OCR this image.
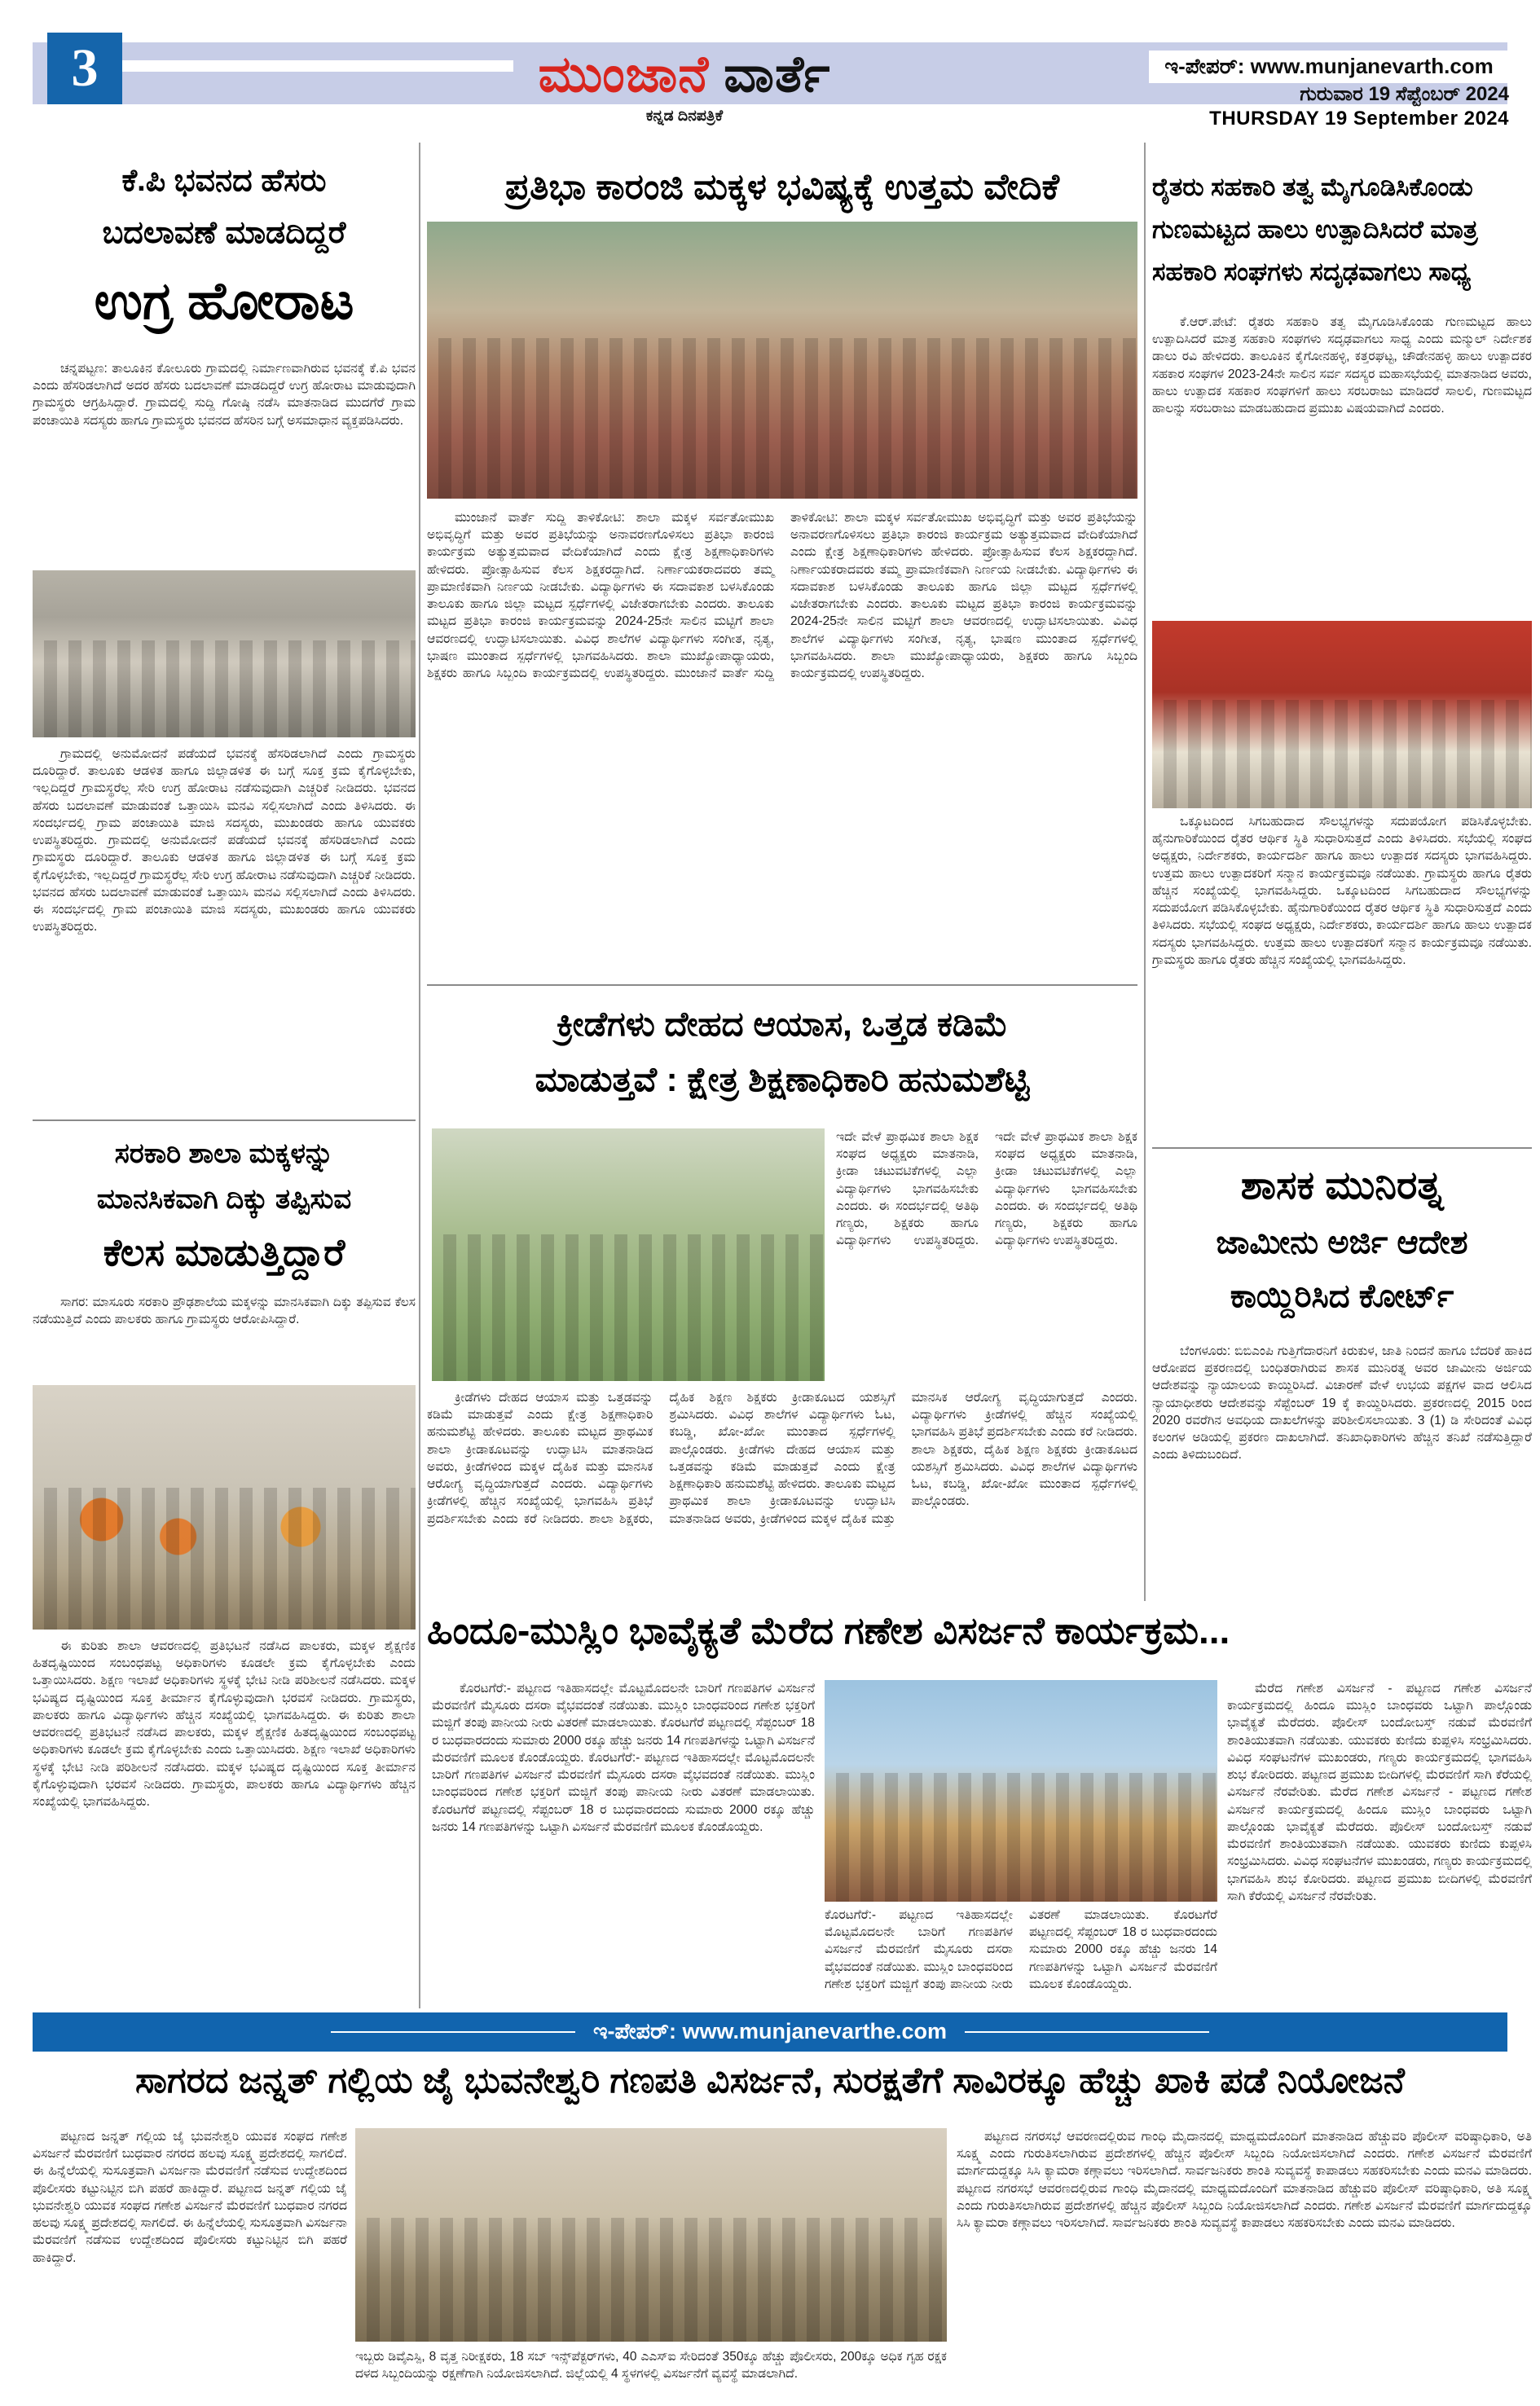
3	ಮುಂಜಾನೆ ವಾರ್ತೆ
ಕನ್ನಡ ದಿನಪತ್ರಿಕೆ
ಇ-ಪೇಪರ್: www.munjanevarth.com
ಗುರುವಾರ 19 ಸೆಪ್ಟೆಂಬರ್ 2024
THURSDAY 19 September 2024
ಕೆ.ಪಿ ಭವನದ ಹೆಸರು
ಬದಲಾವಣೆ ಮಾಡದಿದ್ದರೆ
ಉಗ್ರ ಹೋರಾಟ
ಚನ್ನಪಟ್ಟಣ: ತಾಲೂಕಿನ ಕೋಲೂರು ಗ್ರಾಮದಲ್ಲಿ ನಿರ್ಮಾಣವಾಗಿರುವ ಭವನಕ್ಕೆ ಕೆ.ಪಿ ಭವನ ಎಂದು ಹೆಸರಿಡಲಾಗಿದೆ ಅದರ ಹೆಸರು ಬದಲಾವಣೆ ಮಾಡದಿದ್ದರೆ ಉಗ್ರ ಹೋರಾಟ ಮಾಡುವುದಾಗಿ ಗ್ರಾಮಸ್ಥರು ಆಗ್ರಹಿಸಿದ್ದಾರೆ. ಗ್ರಾಮದಲ್ಲಿ ಸುದ್ದಿ ಗೋಷ್ಠಿ ನಡೆಸಿ ಮಾತನಾಡಿದ ಮುದಗೆರೆ ಗ್ರಾಮ ಪಂಚಾಯಿತಿ ಸದಸ್ಯರು ಹಾಗೂ ಗ್ರಾಮಸ್ಥರು ಭವನದ ಹೆಸರಿನ ಬಗ್ಗೆ ಅಸಮಾಧಾನ ವ್ಯಕ್ತಪಡಿಸಿದರು.
ಗ್ರಾಮದಲ್ಲಿ ಅನುಮೋದನೆ ಪಡೆಯದೆ ಭವನಕ್ಕೆ ಹೆಸರಿಡಲಾಗಿದೆ ಎಂದು ಗ್ರಾಮಸ್ಥರು ದೂರಿದ್ದಾರೆ. ತಾಲೂಕು ಆಡಳಿತ ಹಾಗೂ ಜಿಲ್ಲಾಡಳಿತ ಈ ಬಗ್ಗೆ ಸೂಕ್ತ ಕ್ರಮ ಕೈಗೊಳ್ಳಬೇಕು, ಇಲ್ಲದಿದ್ದರೆ ಗ್ರಾಮಸ್ಥರೆಲ್ಲ ಸೇರಿ ಉಗ್ರ ಹೋರಾಟ ನಡೆಸುವುದಾಗಿ ಎಚ್ಚರಿಕೆ ನೀಡಿದರು. ಭವನದ ಹೆಸರು ಬದಲಾವಣೆ ಮಾಡುವಂತೆ ಒತ್ತಾಯಿಸಿ ಮನವಿ ಸಲ್ಲಿಸಲಾಗಿದೆ ಎಂದು ತಿಳಿಸಿದರು. ಈ ಸಂದರ್ಭದಲ್ಲಿ ಗ್ರಾಮ ಪಂಚಾಯಿತಿ ಮಾಜಿ ಸದಸ್ಯರು, ಮುಖಂಡರು ಹಾಗೂ ಯುವಕರು ಉಪಸ್ಥಿತರಿದ್ದರು. ಗ್ರಾಮದಲ್ಲಿ ಅನುಮೋದನೆ ಪಡೆಯದೆ ಭವನಕ್ಕೆ ಹೆಸರಿಡಲಾಗಿದೆ ಎಂದು ಗ್ರಾಮಸ್ಥರು ದೂರಿದ್ದಾರೆ. ತಾಲೂಕು ಆಡಳಿತ ಹಾಗೂ ಜಿಲ್ಲಾಡಳಿತ ಈ ಬಗ್ಗೆ ಸೂಕ್ತ ಕ್ರಮ ಕೈಗೊಳ್ಳಬೇಕು, ಇಲ್ಲದಿದ್ದರೆ ಗ್ರಾಮಸ್ಥರೆಲ್ಲ ಸೇರಿ ಉಗ್ರ ಹೋರಾಟ ನಡೆಸುವುದಾಗಿ ಎಚ್ಚರಿಕೆ ನೀಡಿದರು. ಭವನದ ಹೆಸರು ಬದಲಾವಣೆ ಮಾಡುವಂತೆ ಒತ್ತಾಯಿಸಿ ಮನವಿ ಸಲ್ಲಿಸಲಾಗಿದೆ ಎಂದು ತಿಳಿಸಿದರು. ಈ ಸಂದರ್ಭದಲ್ಲಿ ಗ್ರಾಮ ಪಂಚಾಯಿತಿ ಮಾಜಿ ಸದಸ್ಯರು, ಮುಖಂಡರು ಹಾಗೂ ಯುವಕರು ಉಪಸ್ಥಿತರಿದ್ದರು.
ಸರಕಾರಿ ಶಾಲಾ ಮಕ್ಕಳನ್ನು
ಮಾನಸಿಕವಾಗಿ ದಿಕ್ಕು ತಪ್ಪಿಸುವ
ಕೆಲಸ ಮಾಡುತ್ತಿದ್ದಾರೆ
ಸಾಗರ: ಮಾಸೂರು ಸರಕಾರಿ ಪ್ರೌಢಶಾಲೆಯ ಮಕ್ಕಳನ್ನು ಮಾನಸಿಕವಾಗಿ ದಿಕ್ಕು ತಪ್ಪಿಸುವ ಕೆಲಸ ನಡೆಯುತ್ತಿದೆ ಎಂದು ಪಾಲಕರು ಹಾಗೂ ಗ್ರಾಮಸ್ಥರು ಆರೋಪಿಸಿದ್ದಾರೆ.
ಈ ಕುರಿತು ಶಾಲಾ ಆವರಣದಲ್ಲಿ ಪ್ರತಿಭಟನೆ ನಡೆಸಿದ ಪಾಲಕರು, ಮಕ್ಕಳ ಶೈಕ್ಷಣಿಕ ಹಿತದೃಷ್ಟಿಯಿಂದ ಸಂಬಂಧಪಟ್ಟ ಅಧಿಕಾರಿಗಳು ಕೂಡಲೇ ಕ್ರಮ ಕೈಗೊಳ್ಳಬೇಕು ಎಂದು ಒತ್ತಾಯಿಸಿದರು. ಶಿಕ್ಷಣ ಇಲಾಖೆ ಅಧಿಕಾರಿಗಳು ಸ್ಥಳಕ್ಕೆ ಭೇಟಿ ನೀಡಿ ಪರಿಶೀಲನೆ ನಡೆಸಿದರು. ಮಕ್ಕಳ ಭವಿಷ್ಯದ ದೃಷ್ಟಿಯಿಂದ ಸೂಕ್ತ ತೀರ್ಮಾನ ಕೈಗೊಳ್ಳುವುದಾಗಿ ಭರವಸೆ ನೀಡಿದರು. ಗ್ರಾಮಸ್ಥರು, ಪಾಲಕರು ಹಾಗೂ ವಿದ್ಯಾರ್ಥಿಗಳು ಹೆಚ್ಚಿನ ಸಂಖ್ಯೆಯಲ್ಲಿ ಭಾಗವಹಿಸಿದ್ದರು. ಈ ಕುರಿತು ಶಾಲಾ ಆವರಣದಲ್ಲಿ ಪ್ರತಿಭಟನೆ ನಡೆಸಿದ ಪಾಲಕರು, ಮಕ್ಕಳ ಶೈಕ್ಷಣಿಕ ಹಿತದೃಷ್ಟಿಯಿಂದ ಸಂಬಂಧಪಟ್ಟ ಅಧಿಕಾರಿಗಳು ಕೂಡಲೇ ಕ್ರಮ ಕೈಗೊಳ್ಳಬೇಕು ಎಂದು ಒತ್ತಾಯಿಸಿದರು. ಶಿಕ್ಷಣ ಇಲಾಖೆ ಅಧಿಕಾರಿಗಳು ಸ್ಥಳಕ್ಕೆ ಭೇಟಿ ನೀಡಿ ಪರಿಶೀಲನೆ ನಡೆಸಿದರು. ಮಕ್ಕಳ ಭವಿಷ್ಯದ ದೃಷ್ಟಿಯಿಂದ ಸೂಕ್ತ ತೀರ್ಮಾನ ಕೈಗೊಳ್ಳುವುದಾಗಿ ಭರವಸೆ ನೀಡಿದರು. ಗ್ರಾಮಸ್ಥರು, ಪಾಲಕರು ಹಾಗೂ ವಿದ್ಯಾರ್ಥಿಗಳು ಹೆಚ್ಚಿನ ಸಂಖ್ಯೆಯಲ್ಲಿ ಭಾಗವಹಿಸಿದ್ದರು.
ಪ್ರತಿಭಾ ಕಾರಂಜಿ ಮಕ್ಕಳ ಭವಿಷ್ಯಕ್ಕೆ ಉತ್ತಮ ವೇದಿಕೆ
ಮುಂಜಾನೆ ವಾರ್ತೆ ಸುದ್ದಿ ತಾಳಿಕೋಟಿ: ಶಾಲಾ ಮಕ್ಕಳ ಸರ್ವತೋಮುಖ ಅಭಿವೃದ್ಧಿಗೆ ಮತ್ತು ಅವರ ಪ್ರತಿಭೆಯನ್ನು ಅನಾವರಣಗೊಳಿಸಲು ಪ್ರತಿಭಾ ಕಾರಂಜಿ ಕಾರ್ಯಕ್ರಮ ಅತ್ಯುತ್ತಮವಾದ ವೇದಿಕೆಯಾಗಿದೆ ಎಂದು ಕ್ಷೇತ್ರ ಶಿಕ್ಷಣಾಧಿಕಾರಿಗಳು ಹೇಳಿದರು. ಪ್ರೋತ್ಸಾಹಿಸುವ ಕೆಲಸ ಶಿಕ್ಷಕರದ್ದಾಗಿದೆ. ನಿರ್ಣಾಯಕರಾದವರು ತಮ್ಮ ಪ್ರಾಮಾಣಿಕವಾಗಿ ನಿರ್ಣಯ ನೀಡಬೇಕು. ವಿದ್ಯಾರ್ಥಿಗಳು ಈ ಸದಾವಕಾಶ ಬಳಸಿಕೊಂಡು ತಾಲೂಕು ಹಾಗೂ ಜಿಲ್ಲಾ ಮಟ್ಟದ ಸ್ಪರ್ಧೆಗಳಲ್ಲಿ ವಿಜೇತರಾಗಬೇಕು ಎಂದರು. ತಾಲೂಕು ಮಟ್ಟದ ಪ್ರತಿಭಾ ಕಾರಂಜಿ ಕಾರ್ಯಕ್ರಮವನ್ನು 2024-25ನೇ ಸಾಲಿನ ಮಟ್ಟಿಗೆ ಶಾಲಾ ಆವರಣದಲ್ಲಿ ಉದ್ಘಾಟಿಸಲಾಯಿತು. ವಿವಿಧ ಶಾಲೆಗಳ ವಿದ್ಯಾರ್ಥಿಗಳು ಸಂಗೀತ, ನೃತ್ಯ, ಭಾಷಣ ಮುಂತಾದ ಸ್ಪರ್ಧೆಗಳಲ್ಲಿ ಭಾಗವಹಿಸಿದರು. ಶಾಲಾ ಮುಖ್ಯೋಪಾಧ್ಯಾಯರು, ಶಿಕ್ಷಕರು ಹಾಗೂ ಸಿಬ್ಬಂದಿ ಕಾರ್ಯಕ್ರಮದಲ್ಲಿ ಉಪಸ್ಥಿತರಿದ್ದರು. ಮುಂಜಾನೆ ವಾರ್ತೆ ಸುದ್ದಿ ತಾಳಿಕೋಟಿ: ಶಾಲಾ ಮಕ್ಕಳ ಸರ್ವತೋಮುಖ ಅಭಿವೃದ್ಧಿಗೆ ಮತ್ತು ಅವರ ಪ್ರತಿಭೆಯನ್ನು ಅನಾವರಣಗೊಳಿಸಲು ಪ್ರತಿಭಾ ಕಾರಂಜಿ ಕಾರ್ಯಕ್ರಮ ಅತ್ಯುತ್ತಮವಾದ ವೇದಿಕೆಯಾಗಿದೆ ಎಂದು ಕ್ಷೇತ್ರ ಶಿಕ್ಷಣಾಧಿಕಾರಿಗಳು ಹೇಳಿದರು. ಪ್ರೋತ್ಸಾಹಿಸುವ ಕೆಲಸ ಶಿಕ್ಷಕರದ್ದಾಗಿದೆ. ನಿರ್ಣಾಯಕರಾದವರು ತಮ್ಮ ಪ್ರಾಮಾಣಿಕವಾಗಿ ನಿರ್ಣಯ ನೀಡಬೇಕು. ವಿದ್ಯಾರ್ಥಿಗಳು ಈ ಸದಾವಕಾಶ ಬಳಸಿಕೊಂಡು ತಾಲೂಕು ಹಾಗೂ ಜಿಲ್ಲಾ ಮಟ್ಟದ ಸ್ಪರ್ಧೆಗಳಲ್ಲಿ ವಿಜೇತರಾಗಬೇಕು ಎಂದರು. ತಾಲೂಕು ಮಟ್ಟದ ಪ್ರತಿಭಾ ಕಾರಂಜಿ ಕಾರ್ಯಕ್ರಮವನ್ನು 2024-25ನೇ ಸಾಲಿನ ಮಟ್ಟಿಗೆ ಶಾಲಾ ಆವರಣದಲ್ಲಿ ಉದ್ಘಾಟಿಸಲಾಯಿತು. ವಿವಿಧ ಶಾಲೆಗಳ ವಿದ್ಯಾರ್ಥಿಗಳು ಸಂಗೀತ, ನೃತ್ಯ, ಭಾಷಣ ಮುಂತಾದ ಸ್ಪರ್ಧೆಗಳಲ್ಲಿ ಭಾಗವಹಿಸಿದರು. ಶಾಲಾ ಮುಖ್ಯೋಪಾಧ್ಯಾಯರು, ಶಿಕ್ಷಕರು ಹಾಗೂ ಸಿಬ್ಬಂದಿ ಕಾರ್ಯಕ್ರಮದಲ್ಲಿ ಉಪಸ್ಥಿತರಿದ್ದರು.
ಕ್ರೀಡೆಗಳು ದೇಹದ ಆಯಾಸ, ಒತ್ತಡ ಕಡಿಮೆ
ಮಾಡುತ್ತವೆ : ಕ್ಷೇತ್ರ ಶಿಕ್ಷಣಾಧಿಕಾರಿ ಹನುಮಶೆಟ್ಟಿ
ಇದೇ ವೇಳೆ ಪ್ರಾಥಮಿಕ ಶಾಲಾ ಶಿಕ್ಷಕ ಸಂಘದ ಅಧ್ಯಕ್ಷರು ಮಾತನಾಡಿ, ಕ್ರೀಡಾ ಚಟುವಟಿಕೆಗಳಲ್ಲಿ ಎಲ್ಲಾ ವಿದ್ಯಾರ್ಥಿಗಳು ಭಾಗವಹಿಸಬೇಕು ಎಂದರು. ಈ ಸಂದರ್ಭದಲ್ಲಿ ಅತಿಥಿ ಗಣ್ಯರು, ಶಿಕ್ಷಕರು ಹಾಗೂ ವಿದ್ಯಾರ್ಥಿಗಳು ಉಪಸ್ಥಿತರಿದ್ದರು. ಇದೇ ವೇಳೆ ಪ್ರಾಥಮಿಕ ಶಾಲಾ ಶಿಕ್ಷಕ ಸಂಘದ ಅಧ್ಯಕ್ಷರು ಮಾತನಾಡಿ, ಕ್ರೀಡಾ ಚಟುವಟಿಕೆಗಳಲ್ಲಿ ಎಲ್ಲಾ ವಿದ್ಯಾರ್ಥಿಗಳು ಭಾಗವಹಿಸಬೇಕು ಎಂದರು. ಈ ಸಂದರ್ಭದಲ್ಲಿ ಅತಿಥಿ ಗಣ್ಯರು, ಶಿಕ್ಷಕರು ಹಾಗೂ ವಿದ್ಯಾರ್ಥಿಗಳು ಉಪಸ್ಥಿತರಿದ್ದರು.
ಕ್ರೀಡೆಗಳು ದೇಹದ ಆಯಾಸ ಮತ್ತು ಒತ್ತಡವನ್ನು ಕಡಿಮೆ ಮಾಡುತ್ತವೆ ಎಂದು ಕ್ಷೇತ್ರ ಶಿಕ್ಷಣಾಧಿಕಾರಿ ಹನುಮಶೆಟ್ಟಿ ಹೇಳಿದರು. ತಾಲೂಕು ಮಟ್ಟದ ಪ್ರಾಥಮಿಕ ಶಾಲಾ ಕ್ರೀಡಾಕೂಟವನ್ನು ಉದ್ಘಾಟಿಸಿ ಮಾತನಾಡಿದ ಅವರು, ಕ್ರೀಡೆಗಳಿಂದ ಮಕ್ಕಳ ದೈಹಿಕ ಮತ್ತು ಮಾನಸಿಕ ಆರೋಗ್ಯ ವೃದ್ಧಿಯಾಗುತ್ತದೆ ಎಂದರು. ವಿದ್ಯಾರ್ಥಿಗಳು ಕ್ರೀಡೆಗಳಲ್ಲಿ ಹೆಚ್ಚಿನ ಸಂಖ್ಯೆಯಲ್ಲಿ ಭಾಗವಹಿಸಿ ಪ್ರತಿಭೆ ಪ್ರದರ್ಶಿಸಬೇಕು ಎಂದು ಕರೆ ನೀಡಿದರು. ಶಾಲಾ ಶಿಕ್ಷಕರು, ದೈಹಿಕ ಶಿಕ್ಷಣ ಶಿಕ್ಷಕರು ಕ್ರೀಡಾಕೂಟದ ಯಶಸ್ಸಿಗೆ ಶ್ರಮಿಸಿದರು. ವಿವಿಧ ಶಾಲೆಗಳ ವಿದ್ಯಾರ್ಥಿಗಳು ಓಟ, ಕಬಡ್ಡಿ, ಖೋ-ಖೋ ಮುಂತಾದ ಸ್ಪರ್ಧೆಗಳಲ್ಲಿ ಪಾಲ್ಗೊಂಡರು. ಕ್ರೀಡೆಗಳು ದೇಹದ ಆಯಾಸ ಮತ್ತು ಒತ್ತಡವನ್ನು ಕಡಿಮೆ ಮಾಡುತ್ತವೆ ಎಂದು ಕ್ಷೇತ್ರ ಶಿಕ್ಷಣಾಧಿಕಾರಿ ಹನುಮಶೆಟ್ಟಿ ಹೇಳಿದರು. ತಾಲೂಕು ಮಟ್ಟದ ಪ್ರಾಥಮಿಕ ಶಾಲಾ ಕ್ರೀಡಾಕೂಟವನ್ನು ಉದ್ಘಾಟಿಸಿ ಮಾತನಾಡಿದ ಅವರು, ಕ್ರೀಡೆಗಳಿಂದ ಮಕ್ಕಳ ದೈಹಿಕ ಮತ್ತು ಮಾನಸಿಕ ಆರೋಗ್ಯ ವೃದ್ಧಿಯಾಗುತ್ತದೆ ಎಂದರು. ವಿದ್ಯಾರ್ಥಿಗಳು ಕ್ರೀಡೆಗಳಲ್ಲಿ ಹೆಚ್ಚಿನ ಸಂಖ್ಯೆಯಲ್ಲಿ ಭಾಗವಹಿಸಿ ಪ್ರತಿಭೆ ಪ್ರದರ್ಶಿಸಬೇಕು ಎಂದು ಕರೆ ನೀಡಿದರು. ಶಾಲಾ ಶಿಕ್ಷಕರು, ದೈಹಿಕ ಶಿಕ್ಷಣ ಶಿಕ್ಷಕರು ಕ್ರೀಡಾಕೂಟದ ಯಶಸ್ಸಿಗೆ ಶ್ರಮಿಸಿದರು. ವಿವಿಧ ಶಾಲೆಗಳ ವಿದ್ಯಾರ್ಥಿಗಳು ಓಟ, ಕಬಡ್ಡಿ, ಖೋ-ಖೋ ಮುಂತಾದ ಸ್ಪರ್ಧೆಗಳಲ್ಲಿ ಪಾಲ್ಗೊಂಡರು.
ಹಿಂದೂ-ಮುಸ್ಲಿಂ ಭಾವೈಕ್ಯತೆ ಮೆರೆದ ಗಣೇಶ ವಿಸರ್ಜನೆ ಕಾರ್ಯಕ್ರಮ...
ಕೊರಟಗೆರೆ:- ಪಟ್ಟಣದ ಇತಿಹಾಸದಲ್ಲೇ ಮೊಟ್ಟಮೊದಲನೇ ಬಾರಿಗೆ ಗಣಪತಿಗಳ ವಿಸರ್ಜನೆ ಮೆರವಣಿಗೆ ಮೈಸೂರು ದಸರಾ ವೈಭವದಂತೆ ನಡೆಯಿತು. ಮುಸ್ಲಿಂ ಬಾಂಧವರಿಂದ ಗಣೇಶ ಭಕ್ತರಿಗೆ ಮಜ್ಜಿಗೆ ತಂಪು ಪಾನೀಯ ನೀರು ವಿತರಣೆ ಮಾಡಲಾಯಿತು. ಕೊರಟಗೆರೆ ಪಟ್ಟಣದಲ್ಲಿ ಸೆಪ್ಟಂಬರ್ 18 ರ ಬುಧವಾರದಂದು ಸುಮಾರು 2000 ರಕ್ಕೂ ಹೆಚ್ಚು ಜನರು 14 ಗಣಪತಿಗಳನ್ನು ಒಟ್ಟಾಗಿ ವಿಸರ್ಜನೆ ಮೆರವಣಿಗೆ ಮೂಲಕ ಕೊಂಡೊಯ್ದರು. ಕೊರಟಗೆರೆ:- ಪಟ್ಟಣದ ಇತಿಹಾಸದಲ್ಲೇ ಮೊಟ್ಟಮೊದಲನೇ ಬಾರಿಗೆ ಗಣಪತಿಗಳ ವಿಸರ್ಜನೆ ಮೆರವಣಿಗೆ ಮೈಸೂರು ದಸರಾ ವೈಭವದಂತೆ ನಡೆಯಿತು. ಮುಸ್ಲಿಂ ಬಾಂಧವರಿಂದ ಗಣೇಶ ಭಕ್ತರಿಗೆ ಮಜ್ಜಿಗೆ ತಂಪು ಪಾನೀಯ ನೀರು ವಿತರಣೆ ಮಾಡಲಾಯಿತು. ಕೊರಟಗೆರೆ ಪಟ್ಟಣದಲ್ಲಿ ಸೆಪ್ಟಂಬರ್ 18 ರ ಬುಧವಾರದಂದು ಸುಮಾರು 2000 ರಕ್ಕೂ ಹೆಚ್ಚು ಜನರು 14 ಗಣಪತಿಗಳನ್ನು ಒಟ್ಟಾಗಿ ವಿಸರ್ಜನೆ ಮೆರವಣಿಗೆ ಮೂಲಕ ಕೊಂಡೊಯ್ದರು.
ಕೊರಟಗೆರೆ:- ಪಟ್ಟಣದ ಇತಿಹಾಸದಲ್ಲೇ ಮೊಟ್ಟಮೊದಲನೇ ಬಾರಿಗೆ ಗಣಪತಿಗಳ ವಿಸರ್ಜನೆ ಮೆರವಣಿಗೆ ಮೈಸೂರು ದಸರಾ ವೈಭವದಂತೆ ನಡೆಯಿತು. ಮುಸ್ಲಿಂ ಬಾಂಧವರಿಂದ ಗಣೇಶ ಭಕ್ತರಿಗೆ ಮಜ್ಜಿಗೆ ತಂಪು ಪಾನೀಯ ನೀರು ವಿತರಣೆ ಮಾಡಲಾಯಿತು. ಕೊರಟಗೆರೆ ಪಟ್ಟಣದಲ್ಲಿ ಸೆಪ್ಟಂಬರ್ 18 ರ ಬುಧವಾರದಂದು ಸುಮಾರು 2000 ರಕ್ಕೂ ಹೆಚ್ಚು ಜನರು 14 ಗಣಪತಿಗಳನ್ನು ಒಟ್ಟಾಗಿ ವಿಸರ್ಜನೆ ಮೆರವಣಿಗೆ ಮೂಲಕ ಕೊಂಡೊಯ್ದರು.
ಮೆರೆದ ಗಣೇಶ ವಿಸರ್ಜನೆ - ಪಟ್ಟಣದ ಗಣೇಶ ವಿಸರ್ಜನೆ ಕಾರ್ಯಕ್ರಮದಲ್ಲಿ ಹಿಂದೂ ಮುಸ್ಲಿಂ ಬಾಂಧವರು ಒಟ್ಟಾಗಿ ಪಾಲ್ಗೊಂಡು ಭಾವೈಕ್ಯತೆ ಮೆರೆದರು. ಪೊಲೀಸ್ ಬಂದೋಬಸ್ತ್ ನಡುವೆ ಮೆರವಣಿಗೆ ಶಾಂತಿಯುತವಾಗಿ ನಡೆಯಿತು. ಯುವಕರು ಕುಣಿದು ಕುಪ್ಪಳಿಸಿ ಸಂಭ್ರಮಿಸಿದರು. ವಿವಿಧ ಸಂಘಟನೆಗಳ ಮುಖಂಡರು, ಗಣ್ಯರು ಕಾರ್ಯಕ್ರಮದಲ್ಲಿ ಭಾಗವಹಿಸಿ ಶುಭ ಕೋರಿದರು. ಪಟ್ಟಣದ ಪ್ರಮುಖ ಬೀದಿಗಳಲ್ಲಿ ಮೆರವಣಿಗೆ ಸಾಗಿ ಕೆರೆಯಲ್ಲಿ ವಿಸರ್ಜನೆ ನೆರವೇರಿತು. ಮೆರೆದ ಗಣೇಶ ವಿಸರ್ಜನೆ - ಪಟ್ಟಣದ ಗಣೇಶ ವಿಸರ್ಜನೆ ಕಾರ್ಯಕ್ರಮದಲ್ಲಿ ಹಿಂದೂ ಮುಸ್ಲಿಂ ಬಾಂಧವರು ಒಟ್ಟಾಗಿ ಪಾಲ್ಗೊಂಡು ಭಾವೈಕ್ಯತೆ ಮೆರೆದರು. ಪೊಲೀಸ್ ಬಂದೋಬಸ್ತ್ ನಡುವೆ ಮೆರವಣಿಗೆ ಶಾಂತಿಯುತವಾಗಿ ನಡೆಯಿತು. ಯುವಕರು ಕುಣಿದು ಕುಪ್ಪಳಿಸಿ ಸಂಭ್ರಮಿಸಿದರು. ವಿವಿಧ ಸಂಘಟನೆಗಳ ಮುಖಂಡರು, ಗಣ್ಯರು ಕಾರ್ಯಕ್ರಮದಲ್ಲಿ ಭಾಗವಹಿಸಿ ಶುಭ ಕೋರಿದರು. ಪಟ್ಟಣದ ಪ್ರಮುಖ ಬೀದಿಗಳಲ್ಲಿ ಮೆರವಣಿಗೆ ಸಾಗಿ ಕೆರೆಯಲ್ಲಿ ವಿಸರ್ಜನೆ ನೆರವೇರಿತು.
ರೈತರು ಸಹಕಾರಿ ತತ್ವ ಮೈಗೂಡಿಸಿಕೊಂಡು
ಗುಣಮಟ್ಟದ ಹಾಲು ಉತ್ಪಾದಿಸಿದರೆ ಮಾತ್ರ
ಸಹಕಾರಿ ಸಂಘಗಳು ಸದೃಢವಾಗಲು ಸಾಧ್ಯ
ಕೆ.ಆರ್.ಪೇಟೆ: ರೈತರು ಸಹಕಾರಿ ತತ್ವ ಮೈಗೂಡಿಸಿಕೊಂಡು ಗುಣಮಟ್ಟದ ಹಾಲು ಉತ್ಪಾದಿಸಿದರೆ ಮಾತ್ರ ಸಹಕಾರಿ ಸಂಘಗಳು ಸದೃಢವಾಗಲು ಸಾಧ್ಯ ಎಂದು ಮನ್ಮುಲ್ ನಿರ್ದೇಶಕ ಡಾಲು ರವಿ ಹೇಳಿದರು. ತಾಲೂಕಿನ ಕೈಗೋನಹಳ್ಳಿ, ಕತ್ತರಘಟ್ಟ, ಚೌಡೇನಹಳ್ಳಿ ಹಾಲು ಉತ್ಪಾದಕರ ಸಹಕಾರ ಸಂಘಗಳ 2023-24ನೇ ಸಾಲಿನ ಸರ್ವ ಸದಸ್ಯರ ಮಹಾಸಭೆಯಲ್ಲಿ ಮಾತನಾಡಿದ ಅವರು, ಹಾಲು ಉತ್ಪಾದಕ ಸಹಕಾರ ಸಂಘಗಳಿಗೆ ಹಾಲು ಸರಬರಾಜು ಮಾಡಿದರೆ ಸಾಲಲಿ, ಗುಣಮಟ್ಟದ ಹಾಲನ್ನು ಸರಬರಾಜು ಮಾಡಬಹುದಾದ ಪ್ರಮುಖ ವಿಷಯವಾಗಿದೆ ಎಂದರು.
ಒಕ್ಕೂಟದಿಂದ ಸಿಗಬಹುದಾದ ಸೌಲಭ್ಯಗಳನ್ನು ಸದುಪಯೋಗ ಪಡಿಸಿಕೊಳ್ಳಬೇಕು. ಹೈನುಗಾರಿಕೆಯಿಂದ ರೈತರ ಆರ್ಥಿಕ ಸ್ಥಿತಿ ಸುಧಾರಿಸುತ್ತದೆ ಎಂದು ತಿಳಿಸಿದರು. ಸಭೆಯಲ್ಲಿ ಸಂಘದ ಅಧ್ಯಕ್ಷರು, ನಿರ್ದೇಶಕರು, ಕಾರ್ಯದರ್ಶಿ ಹಾಗೂ ಹಾಲು ಉತ್ಪಾದಕ ಸದಸ್ಯರು ಭಾಗವಹಿಸಿದ್ದರು. ಉತ್ತಮ ಹಾಲು ಉತ್ಪಾದಕರಿಗೆ ಸನ್ಮಾನ ಕಾರ್ಯಕ್ರಮವೂ ನಡೆಯಿತು. ಗ್ರಾಮಸ್ಥರು ಹಾಗೂ ರೈತರು ಹೆಚ್ಚಿನ ಸಂಖ್ಯೆಯಲ್ಲಿ ಭಾಗವಹಿಸಿದ್ದರು. ಒಕ್ಕೂಟದಿಂದ ಸಿಗಬಹುದಾದ ಸೌಲಭ್ಯಗಳನ್ನು ಸದುಪಯೋಗ ಪಡಿಸಿಕೊಳ್ಳಬೇಕು. ಹೈನುಗಾರಿಕೆಯಿಂದ ರೈತರ ಆರ್ಥಿಕ ಸ್ಥಿತಿ ಸುಧಾರಿಸುತ್ತದೆ ಎಂದು ತಿಳಿಸಿದರು. ಸಭೆಯಲ್ಲಿ ಸಂಘದ ಅಧ್ಯಕ್ಷರು, ನಿರ್ದೇಶಕರು, ಕಾರ್ಯದರ್ಶಿ ಹಾಗೂ ಹಾಲು ಉತ್ಪಾದಕ ಸದಸ್ಯರು ಭಾಗವಹಿಸಿದ್ದರು. ಉತ್ತಮ ಹಾಲು ಉತ್ಪಾದಕರಿಗೆ ಸನ್ಮಾನ ಕಾರ್ಯಕ್ರಮವೂ ನಡೆಯಿತು. ಗ್ರಾಮಸ್ಥರು ಹಾಗೂ ರೈತರು ಹೆಚ್ಚಿನ ಸಂಖ್ಯೆಯಲ್ಲಿ ಭಾಗವಹಿಸಿದ್ದರು.
ಶಾಸಕ ಮುನಿರತ್ನ
ಜಾಮೀನು ಅರ್ಜಿ ಆದೇಶ
ಕಾಯ್ದಿರಿಸಿದ ಕೋರ್ಟ್
ಬೆಂಗಳೂರು: ಬಿಬಿಎಂಪಿ ಗುತ್ತಿಗೆದಾರನಿಗೆ ಕಿರುಕುಳ, ಜಾತಿ ನಿಂದನೆ ಹಾಗೂ ಬೆದರಿಕೆ ಹಾಕಿದ ಆರೋಪದ ಪ್ರಕರಣದಲ್ಲಿ ಬಂಧಿತರಾಗಿರುವ ಶಾಸಕ ಮುನಿರತ್ನ ಅವರ ಜಾಮೀನು ಅರ್ಜಿಯ ಆದೇಶವನ್ನು ನ್ಯಾಯಾಲಯ ಕಾಯ್ದಿರಿಸಿದೆ. ವಿಚಾರಣೆ ವೇಳೆ ಉಭಯ ಪಕ್ಷಗಳ ವಾದ ಆಲಿಸಿದ ನ್ಯಾಯಾಧೀಶರು ಆದೇಶವನ್ನು ಸೆಪ್ಟೆಂಬರ್ 19 ಕ್ಕೆ ಕಾಯ್ದಿರಿಸಿದರು. ಪ್ರಕರಣದಲ್ಲಿ 2015 ರಿಂದ 2020 ರವರೆಗಿನ ಅವಧಿಯ ದಾಖಲೆಗಳನ್ನು ಪರಿಶೀಲಿಸಲಾಯಿತು. 3 (1) ಡಿ ಸೇರಿದಂತೆ ವಿವಿಧ ಕಲಂಗಳ ಅಡಿಯಲ್ಲಿ ಪ್ರಕರಣ ದಾಖಲಾಗಿದೆ. ತನಿಖಾಧಿಕಾರಿಗಳು ಹೆಚ್ಚಿನ ತನಿಖೆ ನಡೆಸುತ್ತಿದ್ದಾರೆ ಎಂದು ತಿಳಿದುಬಂದಿದೆ.
ಇ-ಪೇಪರ್: www.munjanevarthe.com
ಸಾಗರದ ಜನ್ನತ್ ಗಲ್ಲಿಯ ಜೈ ಭುವನೇಶ್ವರಿ ಗಣಪತಿ ವಿಸರ್ಜನೆ, ಸುರಕ್ಷತೆಗೆ ಸಾವಿರಕ್ಕೂ ಹೆಚ್ಚು ಖಾಕಿ ಪಡೆ ನಿಯೋಜನೆ
ಪಟ್ಟಣದ ಜನ್ನತ್ ಗಲ್ಲಿಯ ಜೈ ಭುವನೇಶ್ವರಿ ಯುವಕ ಸಂಘದ ಗಣೇಶ ವಿಸರ್ಜನೆ ಮೆರವಣಿಗೆ ಬುಧವಾರ ನಗರದ ಹಲವು ಸೂಕ್ಷ್ಮ ಪ್ರದೇಶದಲ್ಲಿ ಸಾಗಲಿದೆ. ಈ ಹಿನ್ನೆಲೆಯಲ್ಲಿ ಸುಸೂತ್ರವಾಗಿ ವಿಸರ್ಜನಾ ಮೆರವಣಿಗೆ ನಡೆಸುವ ಉದ್ದೇಶದಿಂದ ಪೊಲೀಸರು ಕಟ್ಟುನಿಟ್ಟಿನ ಬಿಗಿ ಪಹರೆ ಹಾಕಿದ್ದಾರೆ. ಪಟ್ಟಣದ ಜನ್ನತ್ ಗಲ್ಲಿಯ ಜೈ ಭುವನೇಶ್ವರಿ ಯುವಕ ಸಂಘದ ಗಣೇಶ ವಿಸರ್ಜನೆ ಮೆರವಣಿಗೆ ಬುಧವಾರ ನಗರದ ಹಲವು ಸೂಕ್ಷ್ಮ ಪ್ರದೇಶದಲ್ಲಿ ಸಾಗಲಿದೆ. ಈ ಹಿನ್ನೆಲೆಯಲ್ಲಿ ಸುಸೂತ್ರವಾಗಿ ವಿಸರ್ಜನಾ ಮೆರವಣಿಗೆ ನಡೆಸುವ ಉದ್ದೇಶದಿಂದ ಪೊಲೀಸರು ಕಟ್ಟುನಿಟ್ಟಿನ ಬಿಗಿ ಪಹರೆ ಹಾಕಿದ್ದಾರೆ.
ಇಬ್ಬರು ಡಿವೈಎಸ್ಪಿ, 8 ವೃತ್ತ ನಿರೀಕ್ಷಕರು, 18 ಸಬ್ ಇನ್ಸ್‌ಪೆಕ್ಟರ್‌ಗಳು, 40 ಎಎಸ್ಐ ಸೇರಿದಂತೆ 350ಕ್ಕೂ ಹೆಚ್ಚು ಪೊಲೀಸರು, 200ಕ್ಕೂ ಅಧಿಕ ಗೃಹ ರಕ್ಷಕ ದಳದ ಸಿಬ್ಬಂದಿಯನ್ನು ರಕ್ಷಣೆಗಾಗಿ ನಿಯೋಜಿಸಲಾಗಿದೆ. ಜಿಲ್ಲೆಯಲ್ಲಿ 4 ಸ್ಥಳಗಳಲ್ಲಿ ವಿಸರ್ಜನೆಗೆ ವ್ಯವಸ್ಥೆ ಮಾಡಲಾಗಿದೆ.
ಪಟ್ಟಣದ ನಗರಸಭೆ ಆವರಣದಲ್ಲಿರುವ ಗಾಂಧಿ ಮೈದಾನದಲ್ಲಿ ಮಾಧ್ಯಮದೊಂದಿಗೆ ಮಾತನಾಡಿದ ಹೆಚ್ಚುವರಿ ಪೊಲೀಸ್ ವರಿಷ್ಠಾಧಿಕಾರಿ, ಅತಿ ಸೂಕ್ಷ್ಮ ಎಂದು ಗುರುತಿಸಲಾಗಿರುವ ಪ್ರದೇಶಗಳಲ್ಲಿ ಹೆಚ್ಚಿನ ಪೊಲೀಸ್ ಸಿಬ್ಬಂದಿ ನಿಯೋಜಿಸಲಾಗಿದೆ ಎಂದರು. ಗಣೇಶ ವಿಸರ್ಜನೆ ಮೆರವಣಿಗೆ ಮಾರ್ಗದುದ್ದಕ್ಕೂ ಸಿಸಿ ಕ್ಯಾಮರಾ ಕಣ್ಗಾವಲು ಇರಿಸಲಾಗಿದೆ. ಸಾರ್ವಜನಿಕರು ಶಾಂತಿ ಸುವ್ಯವಸ್ಥೆ ಕಾಪಾಡಲು ಸಹಕರಿಸಬೇಕು ಎಂದು ಮನವಿ ಮಾಡಿದರು. ಪಟ್ಟಣದ ನಗರಸಭೆ ಆವರಣದಲ್ಲಿರುವ ಗಾಂಧಿ ಮೈದಾನದಲ್ಲಿ ಮಾಧ್ಯಮದೊಂದಿಗೆ ಮಾತನಾಡಿದ ಹೆಚ್ಚುವರಿ ಪೊಲೀಸ್ ವರಿಷ್ಠಾಧಿಕಾರಿ, ಅತಿ ಸೂಕ್ಷ್ಮ ಎಂದು ಗುರುತಿಸಲಾಗಿರುವ ಪ್ರದೇಶಗಳಲ್ಲಿ ಹೆಚ್ಚಿನ ಪೊಲೀಸ್ ಸಿಬ್ಬಂದಿ ನಿಯೋಜಿಸಲಾಗಿದೆ ಎಂದರು. ಗಣೇಶ ವಿಸರ್ಜನೆ ಮೆರವಣಿಗೆ ಮಾರ್ಗದುದ್ದಕ್ಕೂ ಸಿಸಿ ಕ್ಯಾಮರಾ ಕಣ್ಗಾವಲು ಇರಿಸಲಾಗಿದೆ. ಸಾರ್ವಜನಿಕರು ಶಾಂತಿ ಸುವ್ಯವಸ್ಥೆ ಕಾಪಾಡಲು ಸಹಕರಿಸಬೇಕು ಎಂದು ಮನವಿ ಮಾಡಿದರು.
